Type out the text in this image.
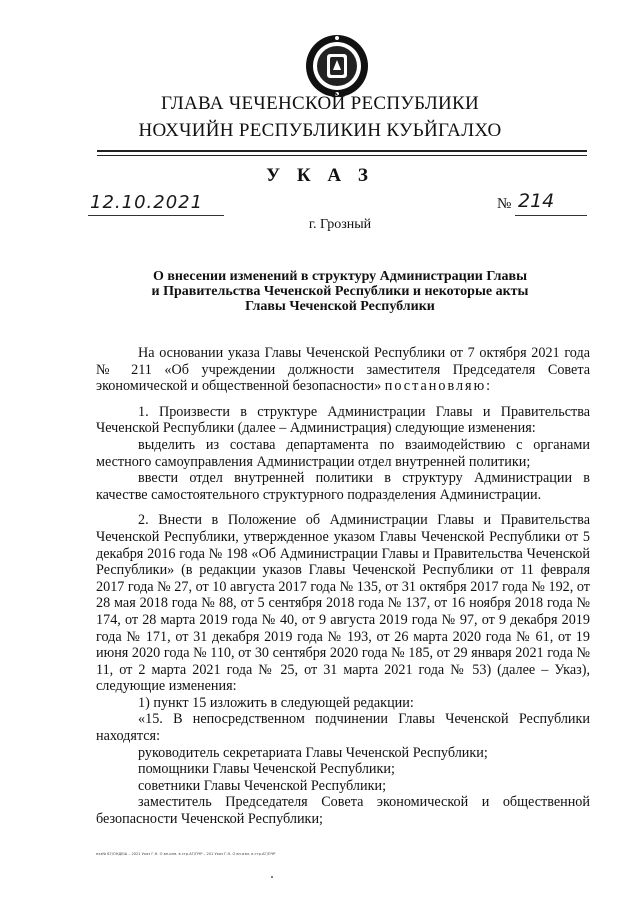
ГЛАВА ЧЕЧЕНСКОЙ РЕСПУБЛИКИ
НОХЧИЙН РЕСПУБЛИКИН КУЬЙГАЛХО
У К А З
12.10.2021	№ 214
г. Грозный
О внесении изменений в структуру Администрации Главы
и Правительства Чеченской Республики и некоторые акты
Главы Чеченской Республики

На основании указа Главы Чеченской Республики от 7 октября 2021 года № 211 «Об учреждении должности заместителя Председателя Совета экономической и общественной безопасности» постановляю:

1. Произвести в структуре Администрации Главы и Правительства Чеченской Республики (далее – Администрация) следующие изменения:

выделить из состава департамента по взаимодействию с органами местного самоуправления Администрации отдел внутренней политики;

ввести отдел внутренней политики в структуру Администрации в качестве самостоятельного структурного подразделения Администрации.

2. Внести в Положение об Администрации Главы и Правительства Чеченской Республики, утвержденное указом Главы Чеченской Республики от 5 декабря 2016 года № 198 «Об Администрации Главы и Правительства Чеченской Республики» (в редакции указов Главы Чеченской Республики от 11 февраля 2017 года № 27, от 10 августа 2017 года № 135, от 31 октября 2017 года № 192, от 28 мая 2018 года № 88, от 5 сентября 2018 года № 137, от 16 ноября 2018 года № 174, от 28 марта 2019 года № 40, от 9 августа 2019 года № 97, от 9 декабря 2019 года № 171, от 31 декабря 2019 года № 193, от 26 марта 2020 года № 61, от 19 июня 2020 года № 110, от 30 сентября 2020 года № 185, от 29 января 2021 года № 11, от 2 марта 2021 года № 25, от 31 марта 2021 года № 53) (далее – Указ), следующие изменения:

1) пункт 15 изложить в следующей редакции:

«15. В непосредственном подчинении Главы Чеченской Республики находятся:

руководитель секретариата Главы Чеченской Республики;

помощники Главы Чеченской Республики;

советники Главы Чеченской Республики;

заместитель Председателя Совета экономической и общественной безопасности Чеченской Республики;

ехз№ 67/ОНДЕШ – 2021 Указ Г.Н. О вн.изм. в стр.АГ/ПЧР – 201 Указ Г.Н. О вн.изм. в стр.АГ/ПЧР
